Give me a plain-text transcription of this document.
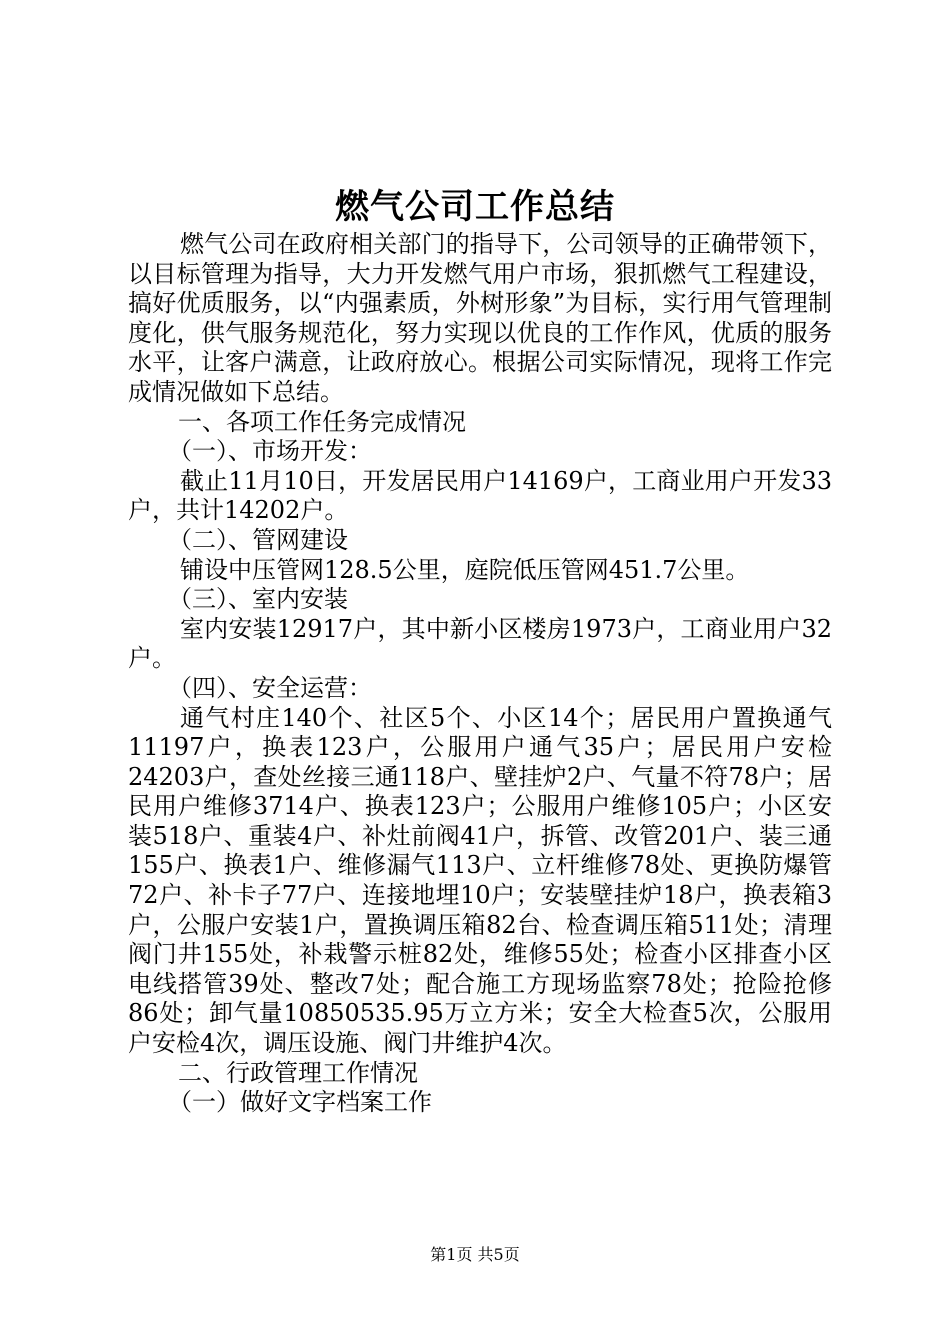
燃气公司工作总结

燃气公司在政府相关部门的指导下，公司领导的正确带领下，以目标管理为指导，大力开发燃气用户市场，狠抓燃气工程建设，搞好优质服务，以“内强素质，外树形象”为目标，实行用气管理制度化，供气服务规范化，努力实现以优良的工作作风，优质的服务水平，让客户满意，让政府放心。根据公司实际情况，现将工作完成情况做如下总结。

一、各项工作任务完成情况

（一）、市场开发：

截止11月10日，开发居民用户14169户，工商业用户开发33户，共计14202户。

（二）、管网建设

铺设中压管网128.5公里，庭院低压管网451.7公里。

（三）、室内安装

室内安装12917户，其中新小区楼房1973户，工商业用户32户。

（四）、安全运营：

通气村庄140个、社区5个、小区14个；居民用户置换通气11197户，换表123户，公服用户通气35户；居民用户安检24203户，查处丝接三通118户、壁挂炉2户、气量不符78户；居民用户维修3714户、换表123户；公服用户维修105户；小区安装518户、重装4户、补灶前阀41户，拆管、改管201户、装三通155户、换表1户、维修漏气113户、立杆维修78处、更换防爆管72户、补卡子77户、连接地埋10户；安装壁挂炉18户，换表箱3户，公服户安装1户，置换调压箱82台、检查调压箱511处；清理阀门井155处，补栽警示桩82处，维修55处；检查小区排查小区电线搭管39处、整改7处；配合施工方现场监察78处；抢险抢修86处；卸气量10850535.95万立方米；安全大检查5次，公服用户安检4次，调压设施、阀门井维护4次。

二、行政管理工作情况

（一）做好文字档案工作

第1页 共5页
